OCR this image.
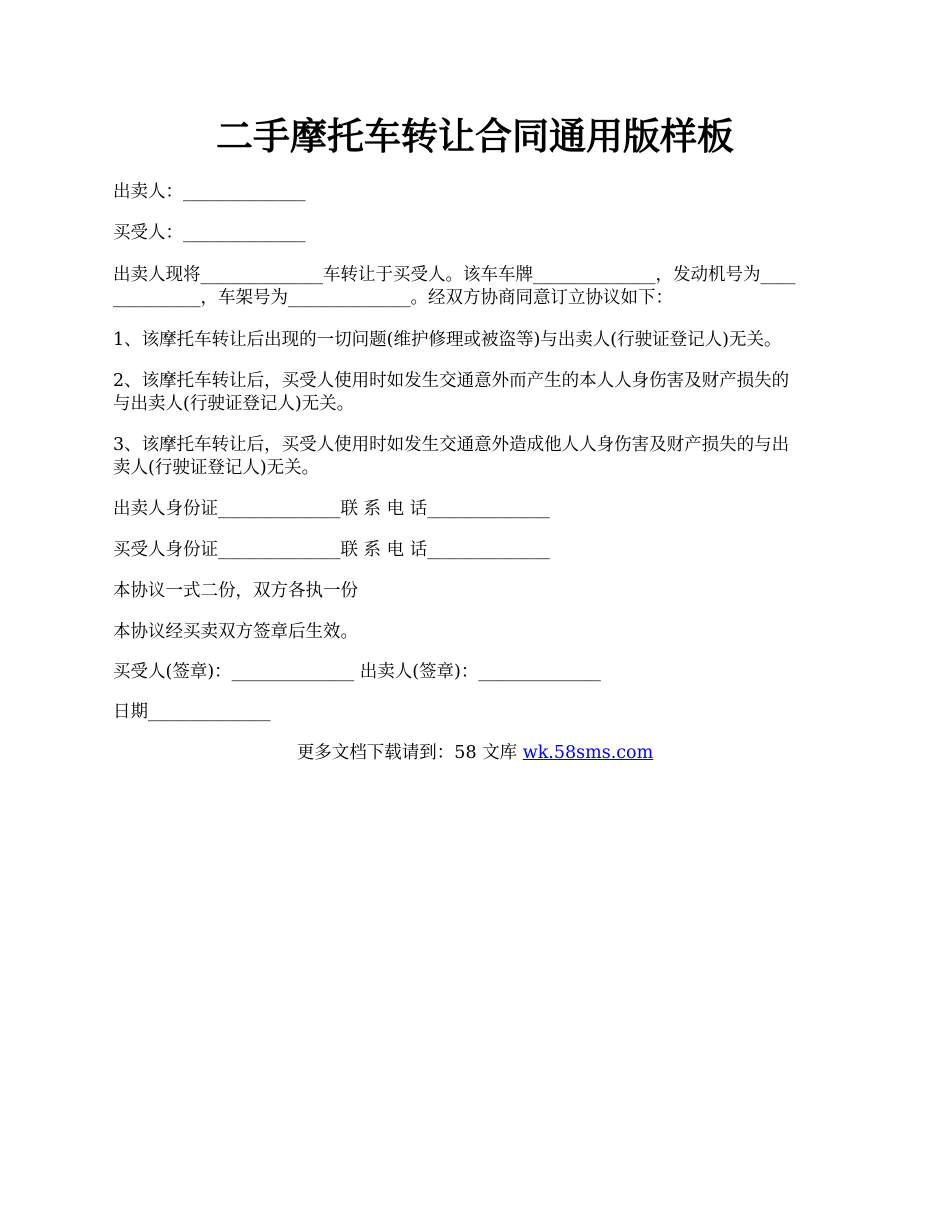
二手摩托车转让合同通用版样板
出卖人：______________
买受人：______________
出卖人现将______________车转让于买受人。该车车牌______________，发动机号为____
__________，车架号为______________。经双方协商同意订立协议如下：
1、该摩托车转让后出现的一切问题(维护修理或被盗等)与出卖人(行驶证登记人)无关。
2、该摩托车转让后，买受人使用时如发生交通意外而产生的本人人身伤害及财产损失的
与出卖人(行驶证登记人)无关。
3、该摩托车转让后，买受人使用时如发生交通意外造成他人人身伤害及财产损失的与出
卖人(行驶证登记人)无关。
出卖人身份证______________联 系 电 话______________
买受人身份证______________联 系 电 话______________
本协议一式二份，双方各执一份
本协议经买卖双方签章后生效。
买受人(签章)：______________ 出卖人(签章)：______________
日期______________
更多文档下载请到：58 文库 wk.58sms.com
